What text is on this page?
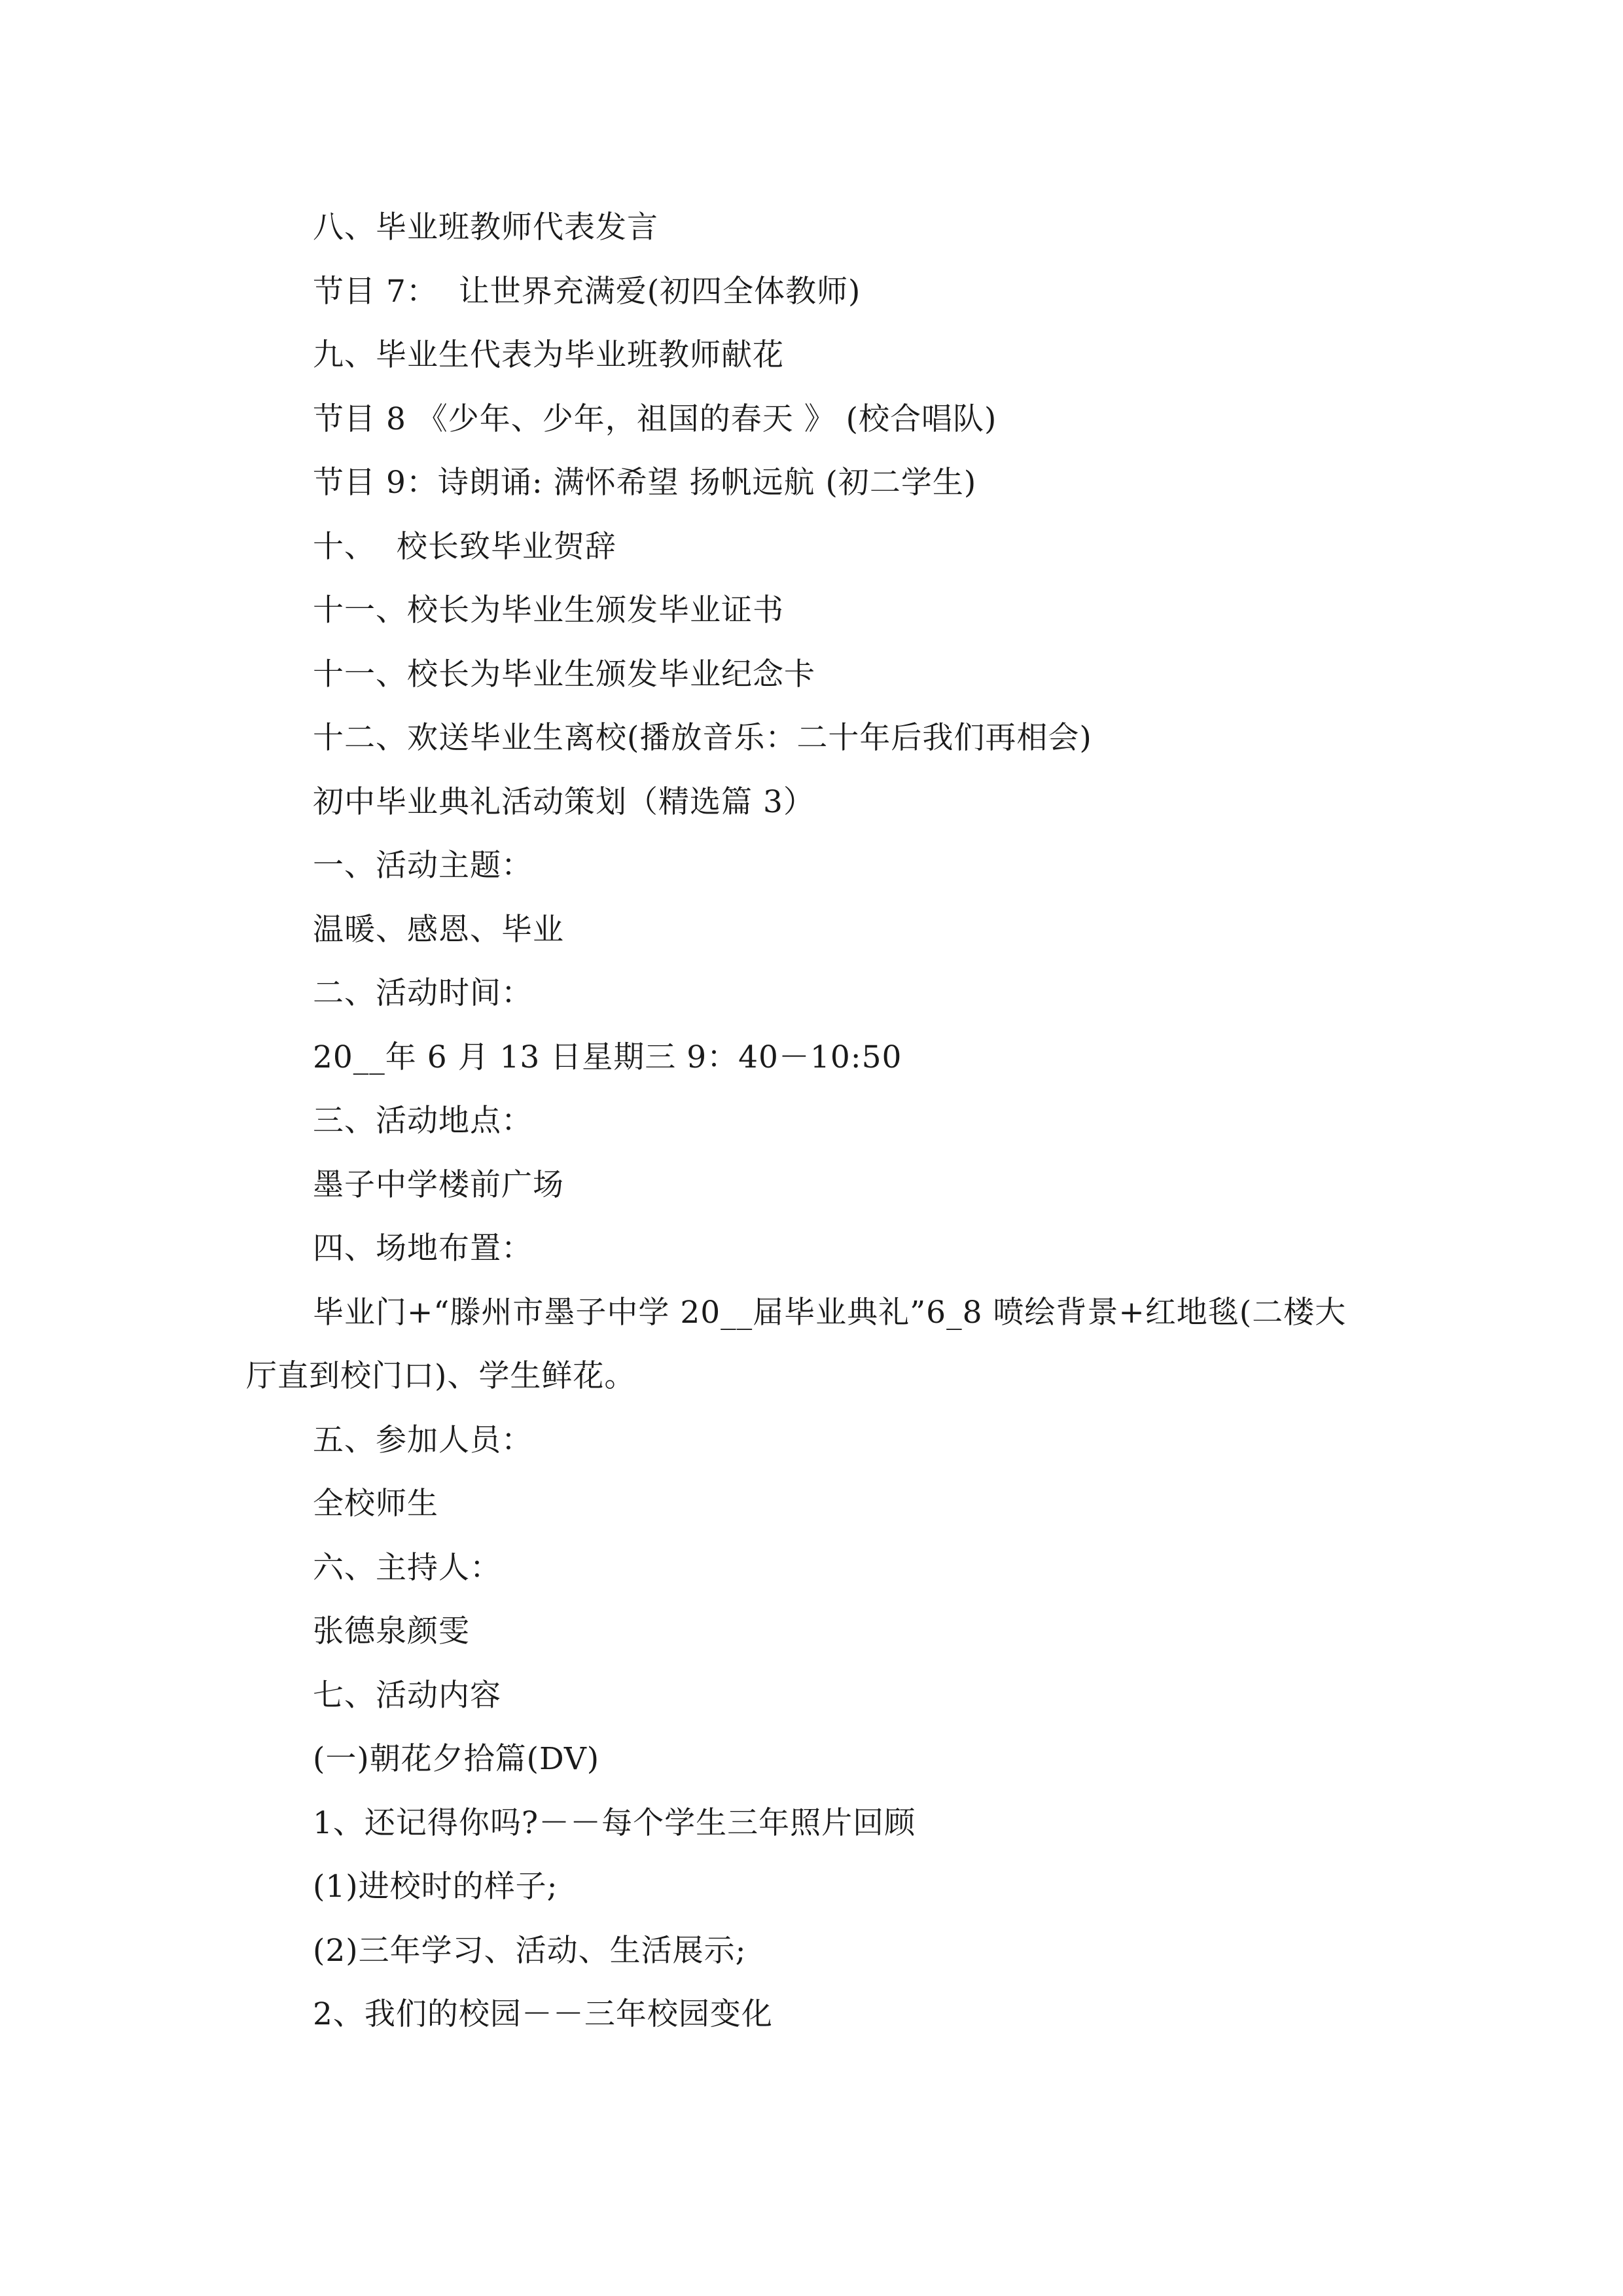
八、毕业班教师代表发言
节目 7：  让世界充满爱(初四全体教师)
九、毕业生代表为毕业班教师献花
节目 8 《少年、少年，祖国的春天 》 (校合唱队)
节目 9：诗朗诵: 满怀希望 扬帆远航 (初二学生)
十、  校长致毕业贺辞
十一、校长为毕业生颁发毕业证书
十一、校长为毕业生颁发毕业纪念卡
十二、欢送毕业生离校(播放音乐：二十年后我们再相会)
初中毕业典礼活动策划（精选篇 3）
一、活动主题：
温暖、感恩、毕业
二、活动时间：
20__年 6 月 13 日星期三 9：40－10:50
三、活动地点：
墨子中学楼前广场
四、场地布置：
毕业门+“滕州市墨子中学 20__届毕业典礼”6_8 喷绘背景+红地毯(二楼大
厅直到校门口)、学生鲜花。
五、参加人员：
全校师生
六、主持人：
张德泉颜雯
七、活动内容
(一)朝花夕拾篇(DV)
1、还记得你吗?－－每个学生三年照片回顾
(1)进校时的样子;
(2)三年学习、活动、生活展示;
2、我们的校园－－三年校园变化
